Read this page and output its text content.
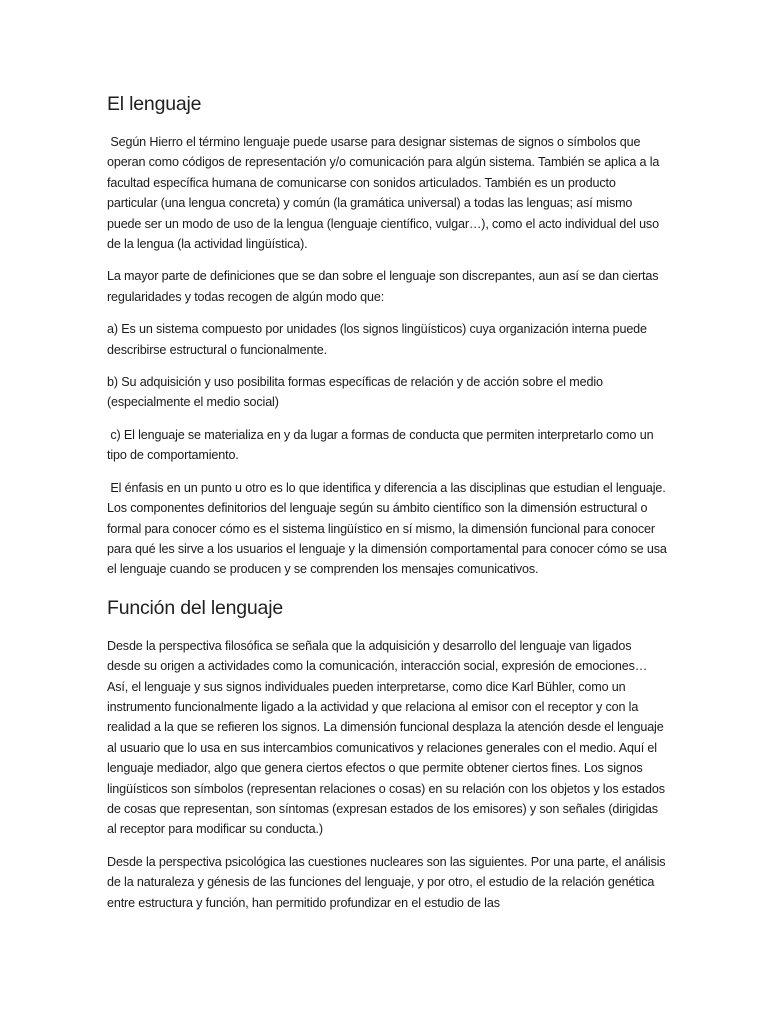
El lenguaje

Según Hierro el término lenguaje puede usarse para designar sistemas de signos o símbolos que operan como códigos de representación y/o comunicación para algún sistema. También se aplica a la facultad específica humana de comunicarse con sonidos articulados. También es un producto particular (una lengua concreta) y común (la gramática universal) a todas las lenguas; así mismo puede ser un modo de uso de la lengua (lenguaje científico, vulgar…), como el acto individual del uso de la lengua (la actividad lingüística).

La mayor parte de definiciones que se dan sobre el lenguaje son discrepantes, aun así se dan ciertas regularidades y todas recogen de algún modo que:

a) Es un sistema compuesto por unidades (los signos lingüísticos) cuya organización interna puede describirse estructural o funcionalmente.

b) Su adquisición y uso posibilita formas específicas de relación y de acción sobre el medio (especialmente el medio social)

c) El lenguaje se materializa en y da lugar a formas de conducta que permiten interpretarlo como un tipo de comportamiento.

El énfasis en un punto u otro es lo que identifica y diferencia a las disciplinas que estudian el lenguaje. Los componentes definitorios del lenguaje según su ámbito científico son la dimensión estructural o formal para conocer cómo es el sistema lingüístico en sí mismo, la dimensión funcional para conocer para qué les sirve a los usuarios el lenguaje y la dimensión comportamental para conocer cómo se usa el lenguaje cuando se producen y se comprenden los mensajes comunicativos.

Función del lenguaje

Desde la perspectiva filosófica se señala que la adquisición y desarrollo del lenguaje van ligados desde su origen a actividades como la comunicación, interacción social, expresión de emociones… Así, el lenguaje y sus signos individuales pueden interpretarse, como dice Karl Bühler, como un instrumento funcionalmente ligado a la actividad y que relaciona al emisor con el receptor y con la realidad a la que se refieren los signos. La dimensión funcional desplaza la atención desde el lenguaje al usuario que lo usa en sus intercambios comunicativos y relaciones generales con el medio. Aquí el lenguaje mediador, algo que genera ciertos efectos o que permite obtener ciertos fines. Los signos lingüísticos son símbolos (representan relaciones o cosas) en su relación con los objetos y los estados de cosas que representan, son síntomas (expresan estados de los emisores) y son señales (dirigidas al receptor para modificar su conducta.)

Desde la perspectiva psicológica las cuestiones nucleares son las siguientes. Por una parte, el análisis de la naturaleza y génesis de las funciones del lenguaje, y por otro, el estudio de la relación genética entre estructura y función, han permitido profundizar en el estudio de las
